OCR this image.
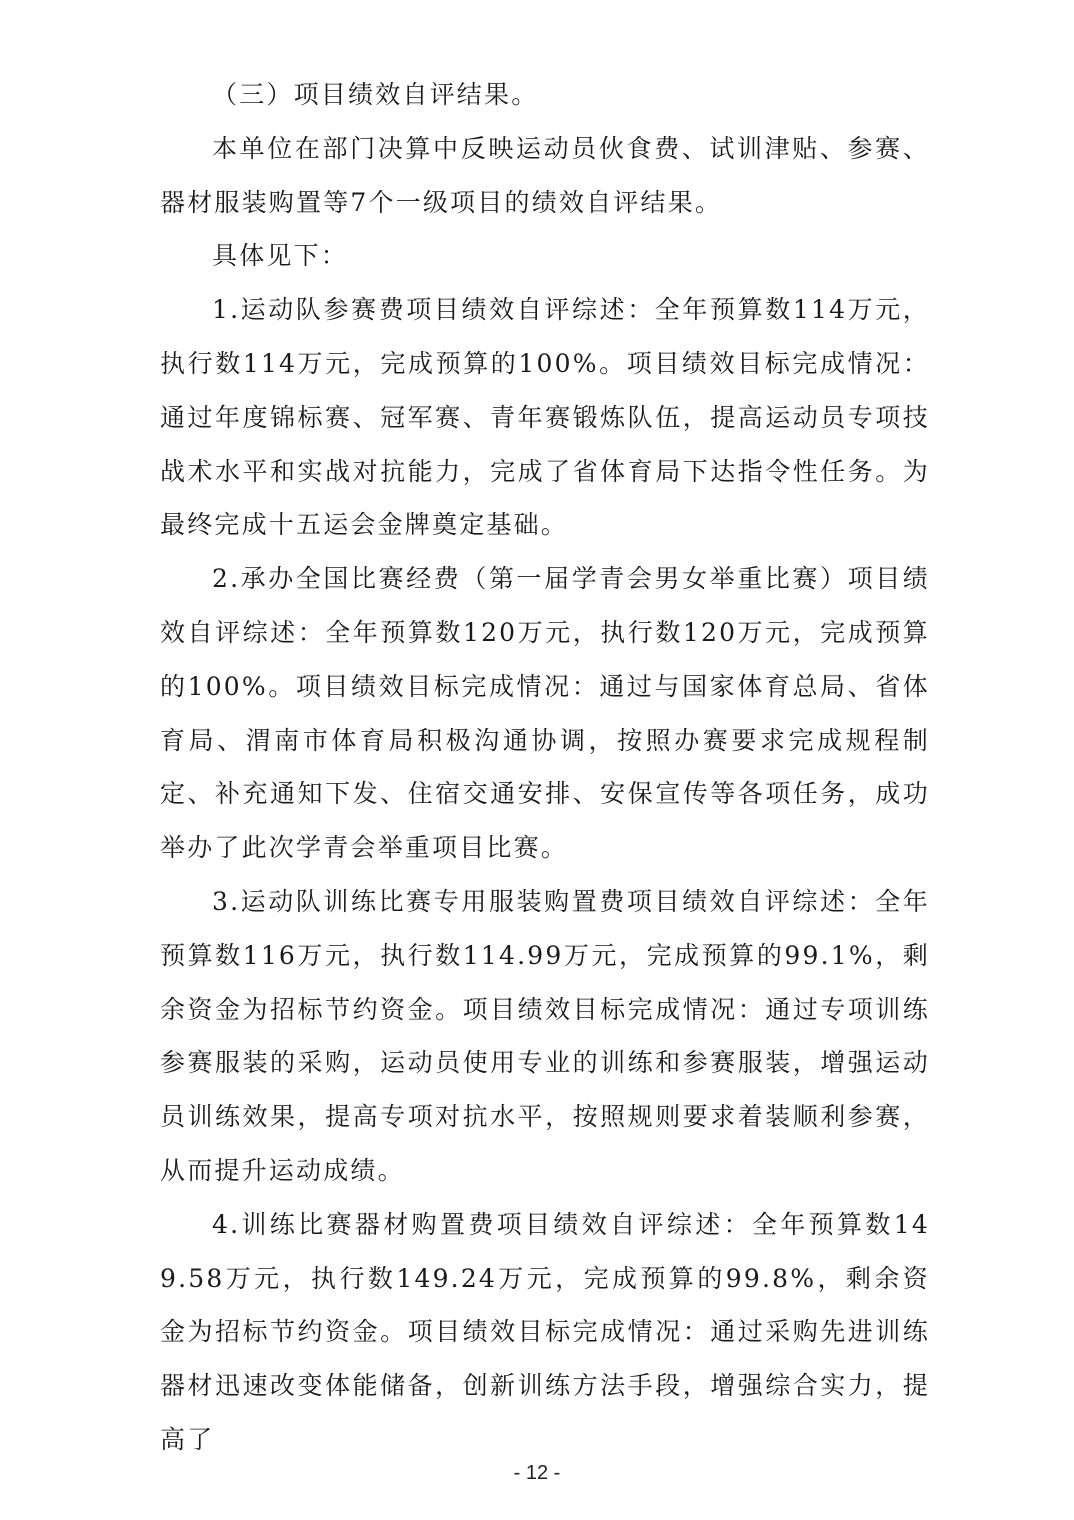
（三）项目绩效自评结果。

本单位在部门决算中反映运动员伙食费、试训津贴、参赛、器材服装购置等7个一级项目的绩效自评结果。

具体见下：

1.运动队参赛费项目绩效自评综述：全年预算数114万元，执行数114万元，完成预算的100%。项目绩效目标完成情况：通过年度锦标赛、冠军赛、青年赛锻炼队伍，提高运动员专项技战术水平和实战对抗能力，完成了省体育局下达指令性任务。为最终完成十五运会金牌奠定基础。

2.承办全国比赛经费（第一届学青会男女举重比赛）项目绩效自评综述：全年预算数120万元，执行数120万元，完成预算的100%。项目绩效目标完成情况：通过与国家体育总局、省体育局、渭南市体育局积极沟通协调，按照办赛要求完成规程制定、补充通知下发、住宿交通安排、安保宣传等各项任务，成功举办了此次学青会举重项目比赛。

3.运动队训练比赛专用服装购置费项目绩效自评综述：全年预算数116万元，执行数114.99万元，完成预算的99.1%，剩余资金为招标节约资金。项目绩效目标完成情况：通过专项训练参赛服装的采购，运动员使用专业的训练和参赛服装，增强运动员训练效果，提高专项对抗水平，按照规则要求着装顺利参赛，从而提升运动成绩。

4.训练比赛器材购置费项目绩效自评综述：全年预算数149.58万元，执行数149.24万元，完成预算的99.8%，剩余资金为招标节约资金。项目绩效目标完成情况：通过采购先进训练器材迅速改变体能储备，创新训练方法手段，增强综合实力，提高了

- 12 -
